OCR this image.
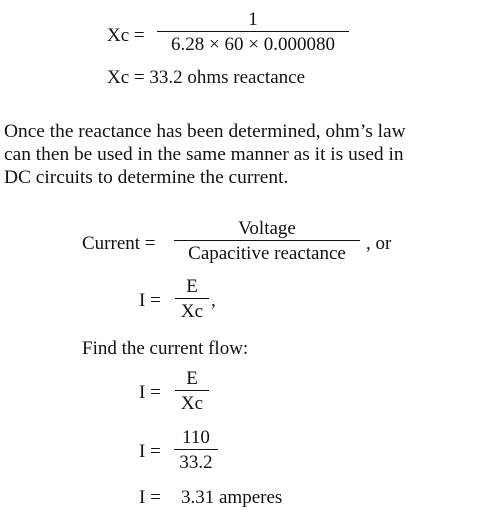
Xc =
1
6.28 × 60 × 0.000080
Xc = 33.2 ohms reactance
Once the reactance has been determined, ohm’s law
can then be used in the same manner as it is used in
DC circuits to determine the current.
Current =
Voltage
Capacitive reactance	, or
I =
E
Xc
,
Find the current flow:
I =
E
Xc
I =
110
33.2
I = 3.31 amperes
